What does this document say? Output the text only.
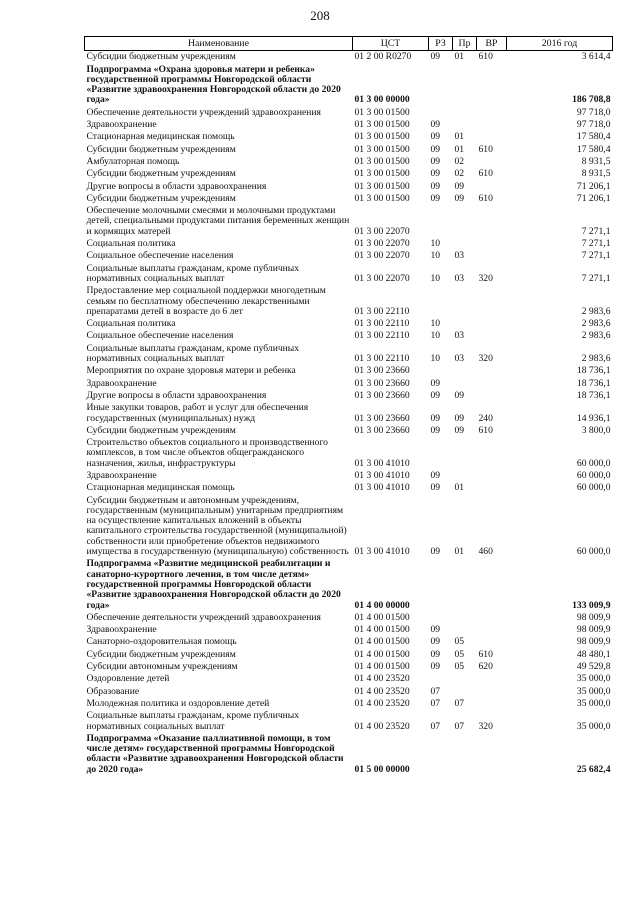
208
Наименование	ЦСТ	РЗ	Пр	ВР	2016 год
Субсидии бюджетным учреждениям	01 2 00 R0270	09	01	610	3 614,4
Подпрограмма «Охрана здоровья матери и ребенка» государственной программы Новгородской области «Развитие здравоохранения Новгородской области до 2020 года»	01 3 00 00000				186 708,8
Обеспечение деятельности учреждений здравоохранения	01 3 00 01500				97 718,0
Здравоохранение	01 3 00 01500	09			97 718,0
Стационарная медицинская помощь	01 3 00 01500	09	01		17 580,4
Субсидии бюджетным учреждениям	01 3 00 01500	09	01	610	17 580,4
Амбулаторная помощь	01 3 00 01500	09	02		8 931,5
Субсидии бюджетным учреждениям	01 3 00 01500	09	02	610	8 931,5
Другие вопросы в области здравоохранения	01 3 00 01500	09	09		71 206,1
Субсидии бюджетным учреждениям	01 3 00 01500	09	09	610	71 206,1
Обеспечение молочными смесями и молочными продуктами детей, специальными продуктами питания беременных женщин и кормящих матерей	01 3 00 22070				7 271,1
Социальная политика	01 3 00 22070	10			7 271,1
Социальное обеспечение населения	01 3 00 22070	10	03		7 271,1
Социальные выплаты гражданам, кроме публичных нормативных социальных выплат	01 3 00 22070	10	03	320	7 271,1
Предоставление мер социальной поддержки многодетным семьям по бесплатному обеспечению лекарственными препаратами детей в возрасте до 6 лет	01 3 00 22110				2 983,6
Социальная политика	01 3 00 22110	10			2 983,6
Социальное обеспечение населения	01 3 00 22110	10	03		2 983,6
Социальные выплаты гражданам, кроме публичных нормативных социальных выплат	01 3 00 22110	10	03	320	2 983,6
Мероприятия по охране здоровья матери и ребенка	01 3 00 23660				18 736,1
Здравоохранение	01 3 00 23660	09			18 736,1
Другие вопросы в области здравоохранения	01 3 00 23660	09	09		18 736,1
Иные закупки товаров, работ и услуг для обеспечения государственных (муниципальных) нужд	01 3 00 23660	09	09	240	14 936,1
Субсидии бюджетным учреждениям	01 3 00 23660	09	09	610	3 800,0
Строительство объектов социального и производственного комплексов, в том числе объектов общегражданского назначения, жилья, инфраструктуры	01 3 00 41010				60 000,0
Здравоохранение	01 3 00 41010	09			60 000,0
Стационарная медицинская помощь	01 3 00 41010	09	01		60 000,0
Субсидии бюджетным и автономным учреждениям, государственным (муниципальным) унитарным предприятиям на осуществление капитальных вложений в объекты капитального строительства государственной (муниципальной) собственности или приобретение объектов недвижимого имущества в государственную (муниципальную) собственность	01 3 00 41010	09	01	460	60 000,0
Подпрограмма «Развитие медицинской реабилитации и санаторно-курортного лечения, в том числе детям» государственной программы Новгородской области «Развитие здравоохранения Новгородской области до 2020 года»	01 4 00 00000				133 009,9
Обеспечение деятельности учреждений здравоохранения	01 4 00 01500				98 009,9
Здравоохранение	01 4 00 01500	09			98 009,9
Санаторно-оздоровительная помощь	01 4 00 01500	09	05		98 009,9
Субсидии бюджетным учреждениям	01 4 00 01500	09	05	610	48 480,1
Субсидии автономным учреждениям	01 4 00 01500	09	05	620	49 529,8
Оздоровление детей	01 4 00 23520				35 000,0
Образование	01 4 00 23520	07			35 000,0
Молодежная политика и оздоровление детей	01 4 00 23520	07	07		35 000,0
Социальные выплаты гражданам, кроме публичных нормативных социальных выплат	01 4 00 23520	07	07	320	35 000,0
Подпрограмма «Оказание паллиативной помощи, в том числе детям» государственной программы Новгородской области «Развитие здравоохранения Новгородской области до 2020 года»	01 5 00 00000				25 682,4
